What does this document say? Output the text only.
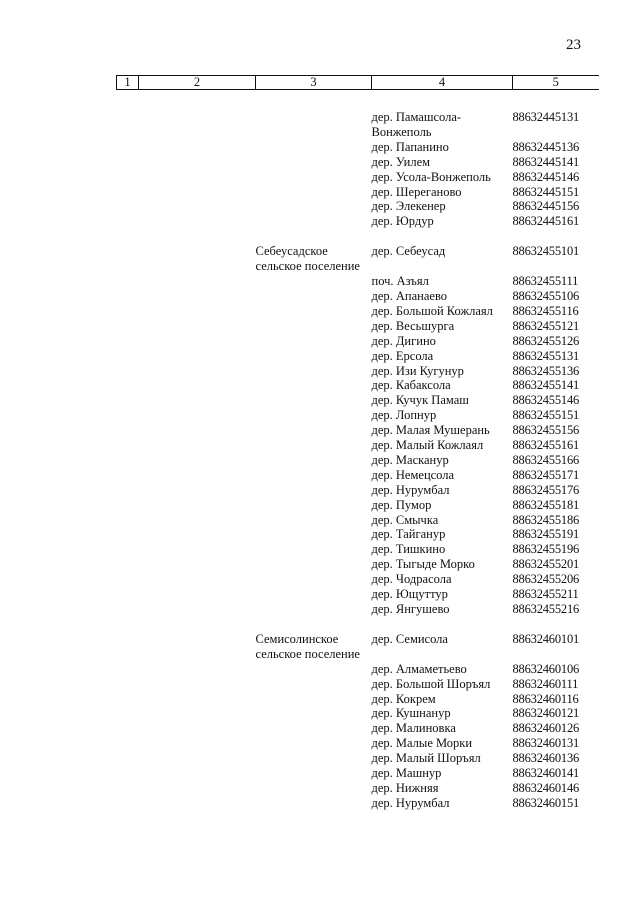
23
1	2	3	4	5

			дер. Памашсола-Вонжеполь	88632445131
			дер. Папанино	88632445136
			дер. Уилем	88632445141
			дер. Усола-Вонжеполь	88632445146
			дер. Шереганово	88632445151
			дер. Элекенер	88632445156
			дер. Юрдур	88632445161

		Себеусадское сельское поселение	дер. Себеусад	88632455101
			поч. Азъял	88632455111
			дер. Апанаево	88632455106
			дер. Большой Кожлаял	88632455116
			дер. Весьшурга	88632455121
			дер. Дигино	88632455126
			дер. Ерсола	88632455131
			дер. Изи Кугунур	88632455136
			дер. Кабаксола	88632455141
			дер. Кучук Памаш	88632455146
			дер. Лопнур	88632455151
			дер. Малая Мушерань	88632455156
			дер. Малый Кожлаял	88632455161
			дер. Масканур	88632455166
			дер. Немецсола	88632455171
			дер. Нурумбал	88632455176
			дер. Пумор	88632455181
			дер. Смычка	88632455186
			дер. Тайганур	88632455191
			дер. Тишкино	88632455196
			дер. Тыгыде Морко	88632455201
			дер. Чодрасола	88632455206
			дер. Ющуттур	88632455211
			дер. Янгушево	88632455216

		Семисолинское сельское поселение	дер. Семисола	88632460101
			дер. Алмаметьево	88632460106
			дер. Большой Шоръял	88632460111
			дер. Кокрем	88632460116
			дер. Кушнанур	88632460121
			дер. Малиновка	88632460126
			дер. Малые Морки	88632460131
			дер. Малый Шоръял	88632460136
			дер. Машнур	88632460141
			дер. Нижняя	88632460146
			дер. Нурумбал	88632460151
